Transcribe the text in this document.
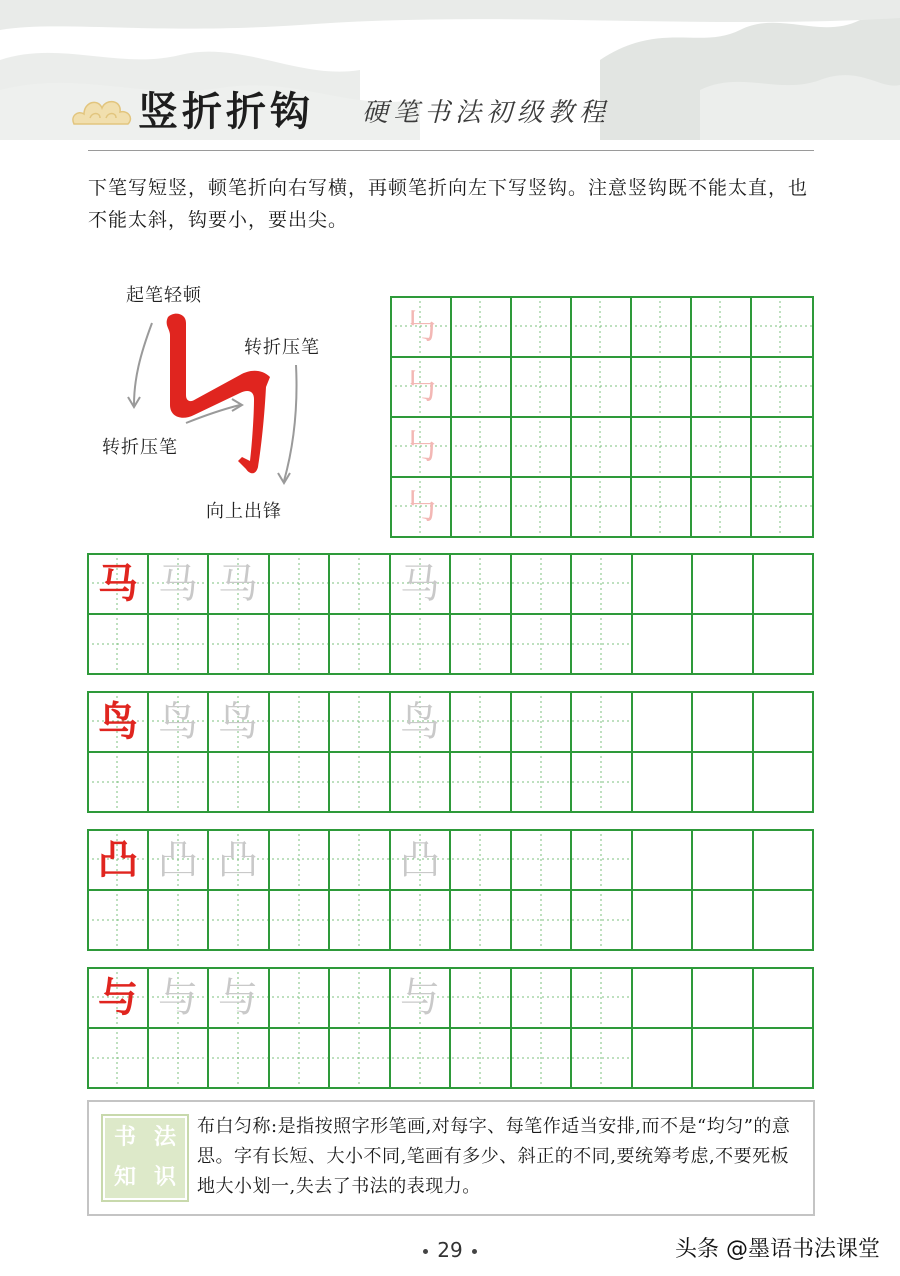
竖折折钩 硬笔书法初级教程
下笔写短竖，顿笔折向右写横，再顿笔折向左下写竖钩。注意竖钩既不能太直，也不能太斜，钩要小，要出尖。
起笔轻顿
转折压笔
转折压笔
向上出锋
㇉
㇉
㇉
㇉
马 马 马	马
鸟 鸟 鸟	鸟
凸 凸 凸	凸
与 与 与	与
书 法
知 识
布白匀称:是指按照字形笔画,对每字、每笔作适当安排,而不是“均匀”的意思。字有长短、大小不同,笔画有多少、斜正的不同,要统筹考虑,不要死板地大小划一,失去了书法的表现力。
29	头条 @墨语书法课堂
